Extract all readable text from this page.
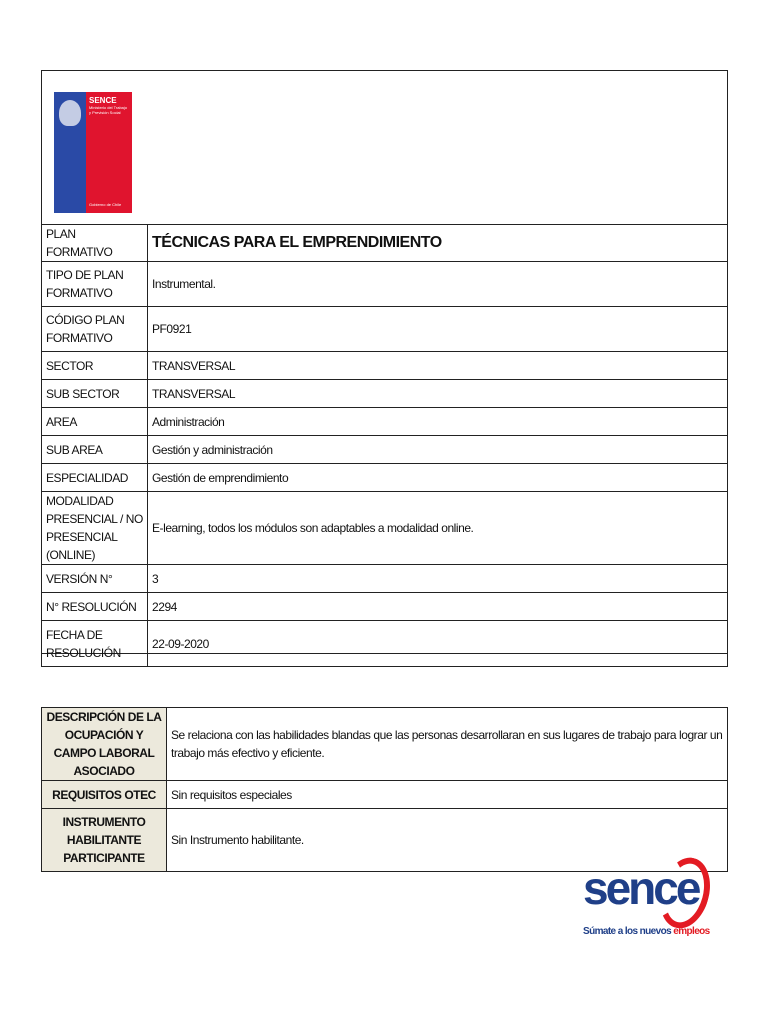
SENCE
Ministerio del Trabajo y Previsión Social
Gobierno de Chile
PLAN FORMATIVO	TÉCNICAS PARA EL EMPRENDIMIENTO
TIPO DE PLAN FORMATIVO	Instrumental.
CÓDIGO PLAN FORMATIVO	PF0921
SECTOR	TRANSVERSAL
SUB SECTOR	TRANSVERSAL
AREA	Administración
SUB AREA	Gestión y administración
ESPECIALIDAD	Gestión de emprendimiento
MODALIDAD PRESENCIAL / NO PRESENCIAL (ONLINE)	E-learning, todos los módulos son adaptables a modalidad online.
VERSIÓN N°	3
N° RESOLUCIÓN	2294
FECHA DE RESOLUCIÓN	22-09-2020
DESCRIPCIÓN DE LA OCUPACIÓN Y CAMPO LABORAL ASOCIADO	Se relaciona con las habilidades blandas que las personas desarrollaran en sus lugares de trabajo para lograr un trabajo más efectivo y eficiente.
REQUISITOS OTEC	Sin requisitos especiales
INSTRUMENTO HABILITANTE PARTICIPANTE	Sin Instrumento habilitante.
sence
Súmate a los nuevos empleos
